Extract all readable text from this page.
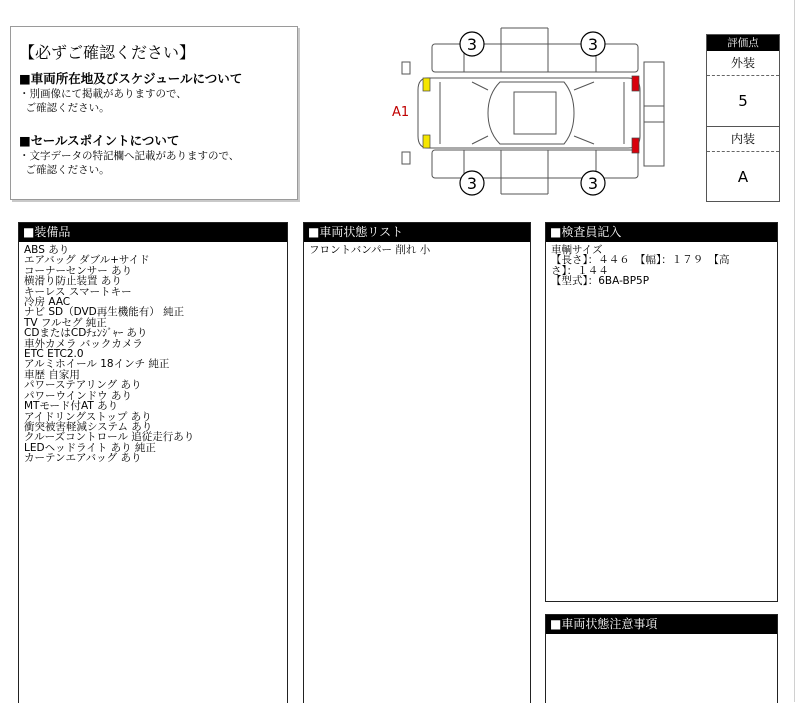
【必ずご確認ください】
■車両所在地及びスケジュールについて
・別画像にて掲載がありますので、
ご確認ください。
■セールスポイントについて
・文字データの特記欄へ記載がありますので、
ご確認ください。
A1
3	3
3	3
評価点
外装
5
内装
A
■装備品
ABS あり
エアバッグ ダブル+サイド
コーナーセンサー あり
横滑り防止装置 あり
キーレス スマートキー
冷房 AAC
ナビ SD（DVD再生機能有） 純正
TV フルセグ 純正
CDまたはCDﾁｪﾝｼﾞｬｰ あり
車外カメラ バックカメラ
ETC ETC2.0
アルミホイール 18インチ 純正
車歴 自家用
パワーステアリング あり
パワーウインドウ あり
MTモード付AT あり
アイドリングストップ あり
衝突被害軽減システム あり
クルーズコントロール 追従走行あり
LEDヘッドライト あり 純正
カーテンエアバッグ あり
■車両状態リスト
フロントバンパー 削れ 小
■検査員記入
車輌サイズ
【長さ】：４４６　【幅】：１７９　【高
さ】：１４４
【型式】：6BA-BP5P
■車両状態注意事項
